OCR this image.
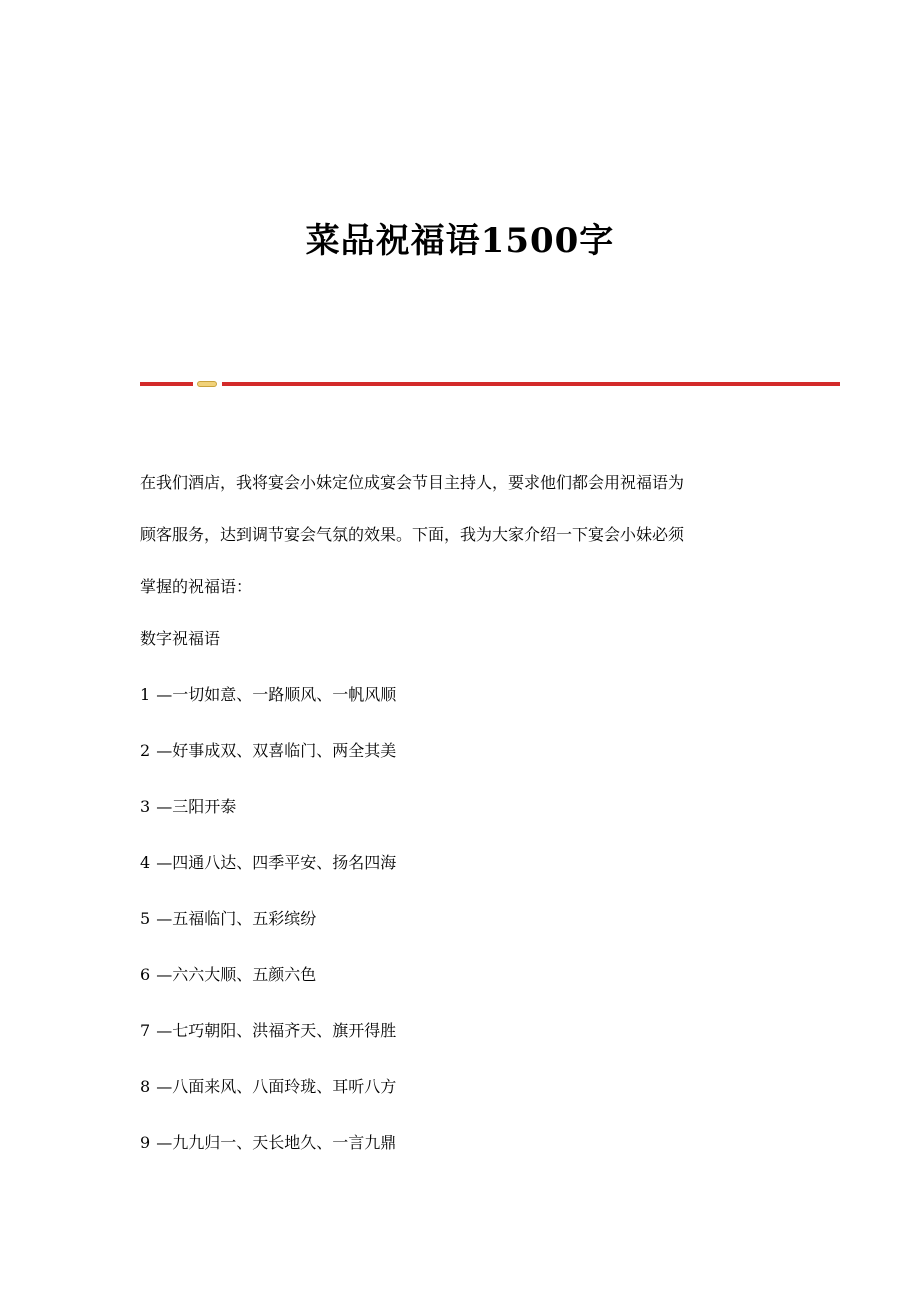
菜品祝福语1500字

在我们酒店，我将宴会小妹定位成宴会节目主持人，要求他们都会用祝福语为
顾客服务，达到调节宴会气氛的效果。下面，我为大家介绍一下宴会小妹必须
掌握的祝福语：

数字祝福语
1 —一切如意、一路顺风、一帆风顺
2 —好事成双、双喜临门、两全其美
3 —三阳开泰
4 —四通八达、四季平安、扬名四海
5 —五福临门、五彩缤纷
6 —六六大顺、五颜六色
7 —七巧朝阳、洪福齐天、旗开得胜
8 —八面来风、八面玲珑、耳听八方
9 —九九归一、天长地久、一言九鼎
